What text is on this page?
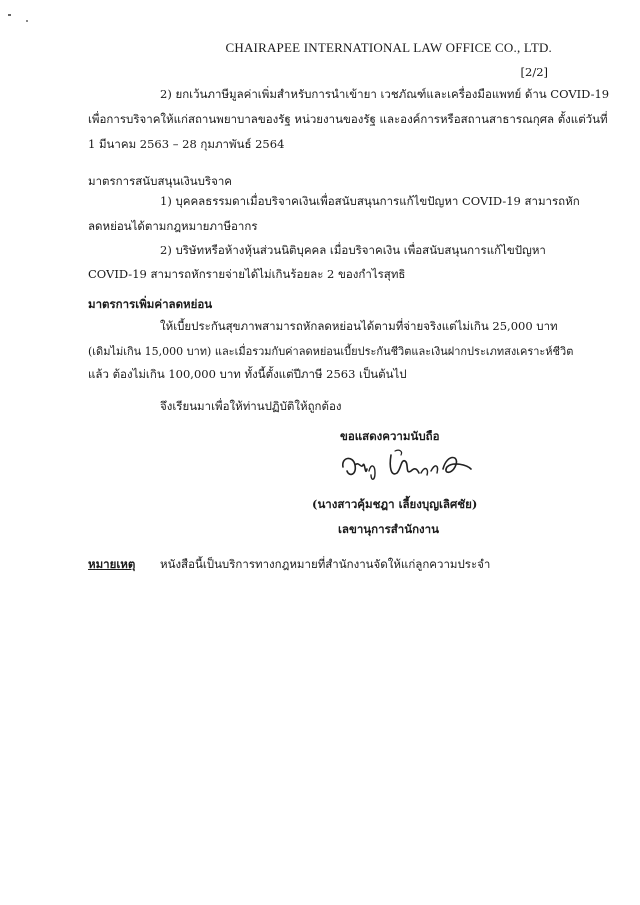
CHAIRAPEE INTERNATIONAL LAW OFFICE CO., LTD.
[2/2]
2) ยกเว้นภาษีมูลค่าเพิ่มสำหรับการนำเข้ายา เวชภัณฑ์และเครื่องมือแพทย์ ด้าน COVID-19
เพื่อการบริจาคให้แก่สถานพยาบาลของรัฐ หน่วยงานของรัฐ และองค์การหรือสถานสาธารณกุศล ตั้งแต่วันที่
1 มีนาคม 2563 – 28 กุมภาพันธ์ 2564
มาตรการสนับสนุนเงินบริจาค
1) บุคคลธรรมดาเมื่อบริจาคเงินเพื่อสนับสนุนการแก้ไขปัญหา COVID-19 สามารถหัก
ลดหย่อนได้ตามกฎหมายภาษีอากร
2) บริษัทหรือห้างหุ้นส่วนนิติบุคคล เมื่อบริจาคเงิน เพื่อสนับสนุนการแก้ไขปัญหา
COVID-19 สามารถหักรายจ่ายได้ไม่เกินร้อยละ 2 ของกำไรสุทธิ
มาตรการเพิ่มค่าลดหย่อน
ให้เบี้ยประกันสุขภาพสามารถหักลดหย่อนได้ตามที่จ่ายจริงแต่ไม่เกิน 25,000 บาท
(เดิมไม่เกิน 15,000 บาท) และเมื่อรวมกับค่าลดหย่อนเบี้ยประกันชีวิตและเงินฝากประเภทสงเคราะห์ชีวิต
แล้ว ต้องไม่เกิน 100,000 บาท ทั้งนี้ตั้งแต่ปีภาษี 2563 เป็นต้นไป
จึงเรียนมาเพื่อให้ท่านปฏิบัติให้ถูกต้อง
ขอแสดงความนับถือ
(นางสาวคุ้มชฎา เลี้ยงบุญเลิศชัย)
เลขานุการสำนักงาน
หมายเหตุ หนังสือนี้เป็นบริการทางกฎหมายที่สำนักงานจัดให้แก่ลูกความประจำ
